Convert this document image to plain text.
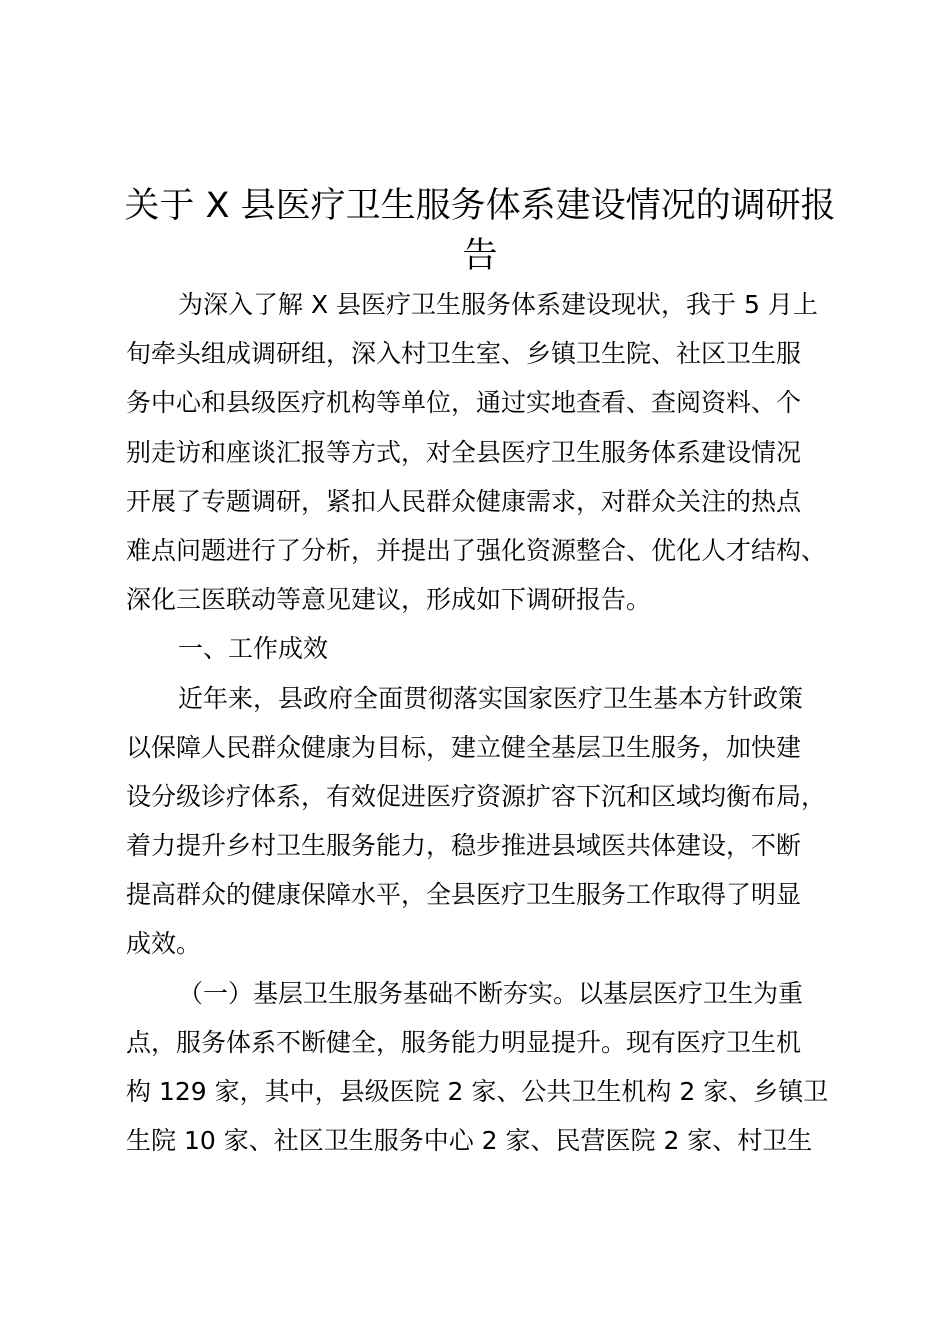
关于 X 县医疗卫生服务体系建设情况的调研报
告
为深入了解 X 县医疗卫生服务体系建设现状，我于 5 月上
旬牵头组成调研组，深入村卫生室、乡镇卫生院、社区卫生服
务中心和县级医疗机构等单位，通过实地查看、查阅资料、个
别走访和座谈汇报等方式，对全县医疗卫生服务体系建设情况
开展了专题调研，紧扣人民群众健康需求，对群众关注的热点
难点问题进行了分析，并提出了强化资源整合、优化人才结构、
深化三医联动等意见建议，形成如下调研报告。
一、工作成效
近年来，县政府全面贯彻落实国家医疗卫生基本方针政策
以保障人民群众健康为目标，建立健全基层卫生服务，加快建
设分级诊疗体系，有效促进医疗资源扩容下沉和区域均衡布局，
着力提升乡村卫生服务能力，稳步推进县域医共体建设，不断
提高群众的健康保障水平，全县医疗卫生服务工作取得了明显
成效。
（一）基层卫生服务基础不断夯实。以基层医疗卫生为重
点，服务体系不断健全，服务能力明显提升。现有医疗卫生机
构 129 家，其中，县级医院 2 家、公共卫生机构 2 家、乡镇卫
生院 10 家、社区卫生服务中心 2 家、民营医院 2 家、村卫生
